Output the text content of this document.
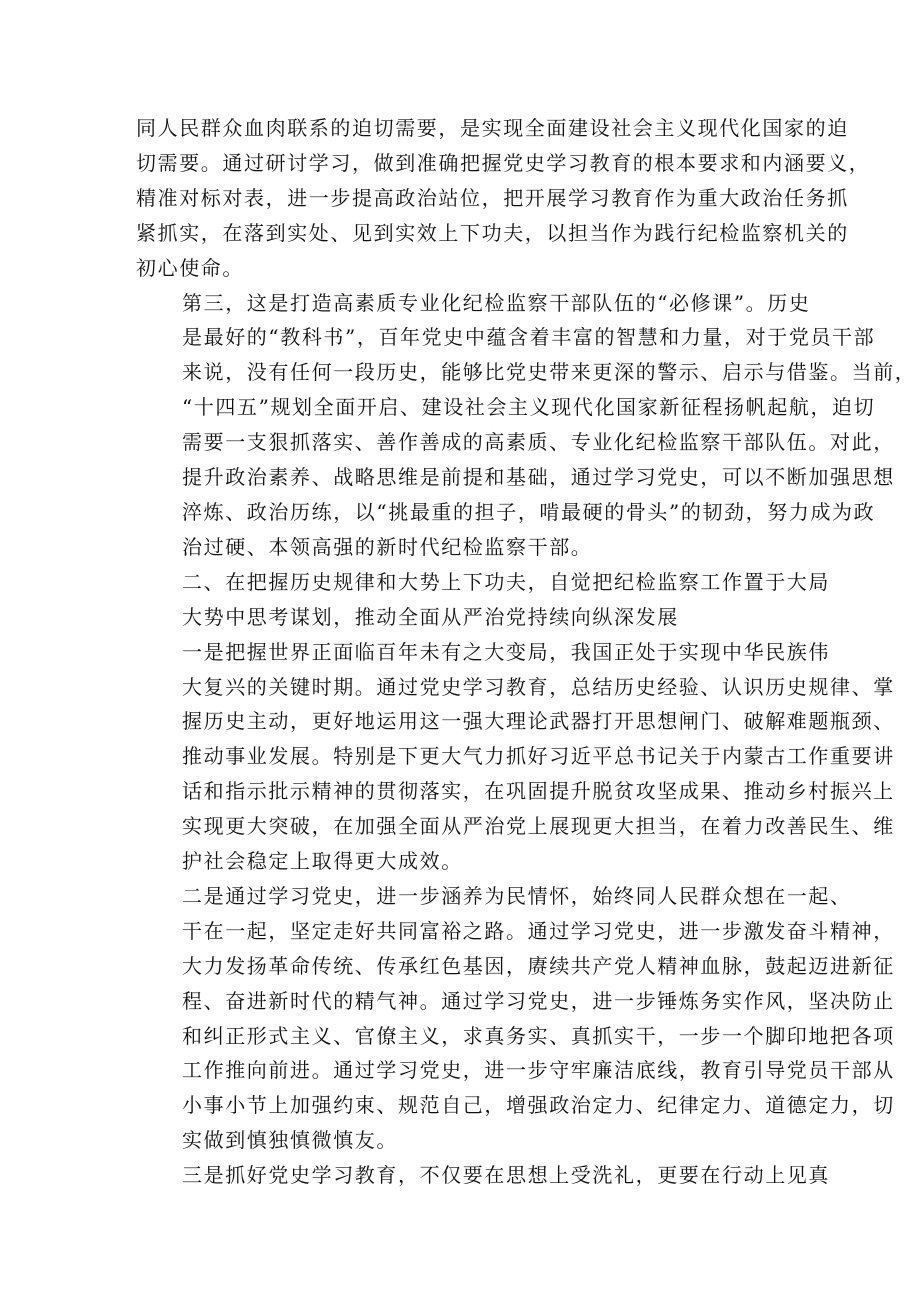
同人民群众血肉联系的迫切需要，是实现全面建设社会主义现代化国家的迫
切需要。通过研讨学习，做到准确把握党史学习教育的根本要求和内涵要义，
精准对标对表，进一步提高政治站位，把开展学习教育作为重大政治任务抓
紧抓实，在落到实处、见到实效上下功夫，以担当作为践行纪检监察机关的
初心使命。

第三，这是打造高素质专业化纪检监察干部队伍的“必修课”。历史
是最好的“教科书”，百年党史中蕴含着丰富的智慧和力量，对于党员干部
来说，没有任何一段历史，能够比党史带来更深的警示、启示与借鉴。当前，
“十四五”规划全面开启、建设社会主义现代化国家新征程扬帆起航，迫切
需要一支狠抓落实、善作善成的高素质、专业化纪检监察干部队伍。对此，
提升政治素养、战略思维是前提和基础，通过学习党史，可以不断加强思想
淬炼、政治历练，以“挑最重的担子，啃最硬的骨头”的韧劲，努力成为政
治过硬、本领高强的新时代纪检监察干部。

二、在把握历史规律和大势上下功夫，自觉把纪检监察工作置于大局
大势中思考谋划，推动全面从严治党持续向纵深发展

一是把握世界正面临百年未有之大变局，我国正处于实现中华民族伟
大复兴的关键时期。通过党史学习教育，总结历史经验、认识历史规律、掌
握历史主动，更好地运用这一强大理论武器打开思想闸门、破解难题瓶颈、
推动事业发展。特别是下更大气力抓好习近平总书记关于内蒙古工作重要讲
话和指示批示精神的贯彻落实，在巩固提升脱贫攻坚成果、推动乡村振兴上
实现更大突破，在加强全面从严治党上展现更大担当，在着力改善民生、维
护社会稳定上取得更大成效。

二是通过学习党史，进一步涵养为民情怀，始终同人民群众想在一起、
干在一起，坚定走好共同富裕之路。通过学习党史，进一步激发奋斗精神，
大力发扬革命传统、传承红色基因，赓续共产党人精神血脉，鼓起迈进新征
程、奋进新时代的精气神。通过学习党史，进一步锤炼务实作风，坚决防止
和纠正形式主义、官僚主义，求真务实、真抓实干，一步一个脚印地把各项
工作推向前进。通过学习党史，进一步守牢廉洁底线，教育引导党员干部从
小事小节上加强约束、规范自己，增强政治定力、纪律定力、道德定力，切
实做到慎独慎微慎友。

三是抓好党史学习教育，不仅要在思想上受洗礼，更要在行动上见真
